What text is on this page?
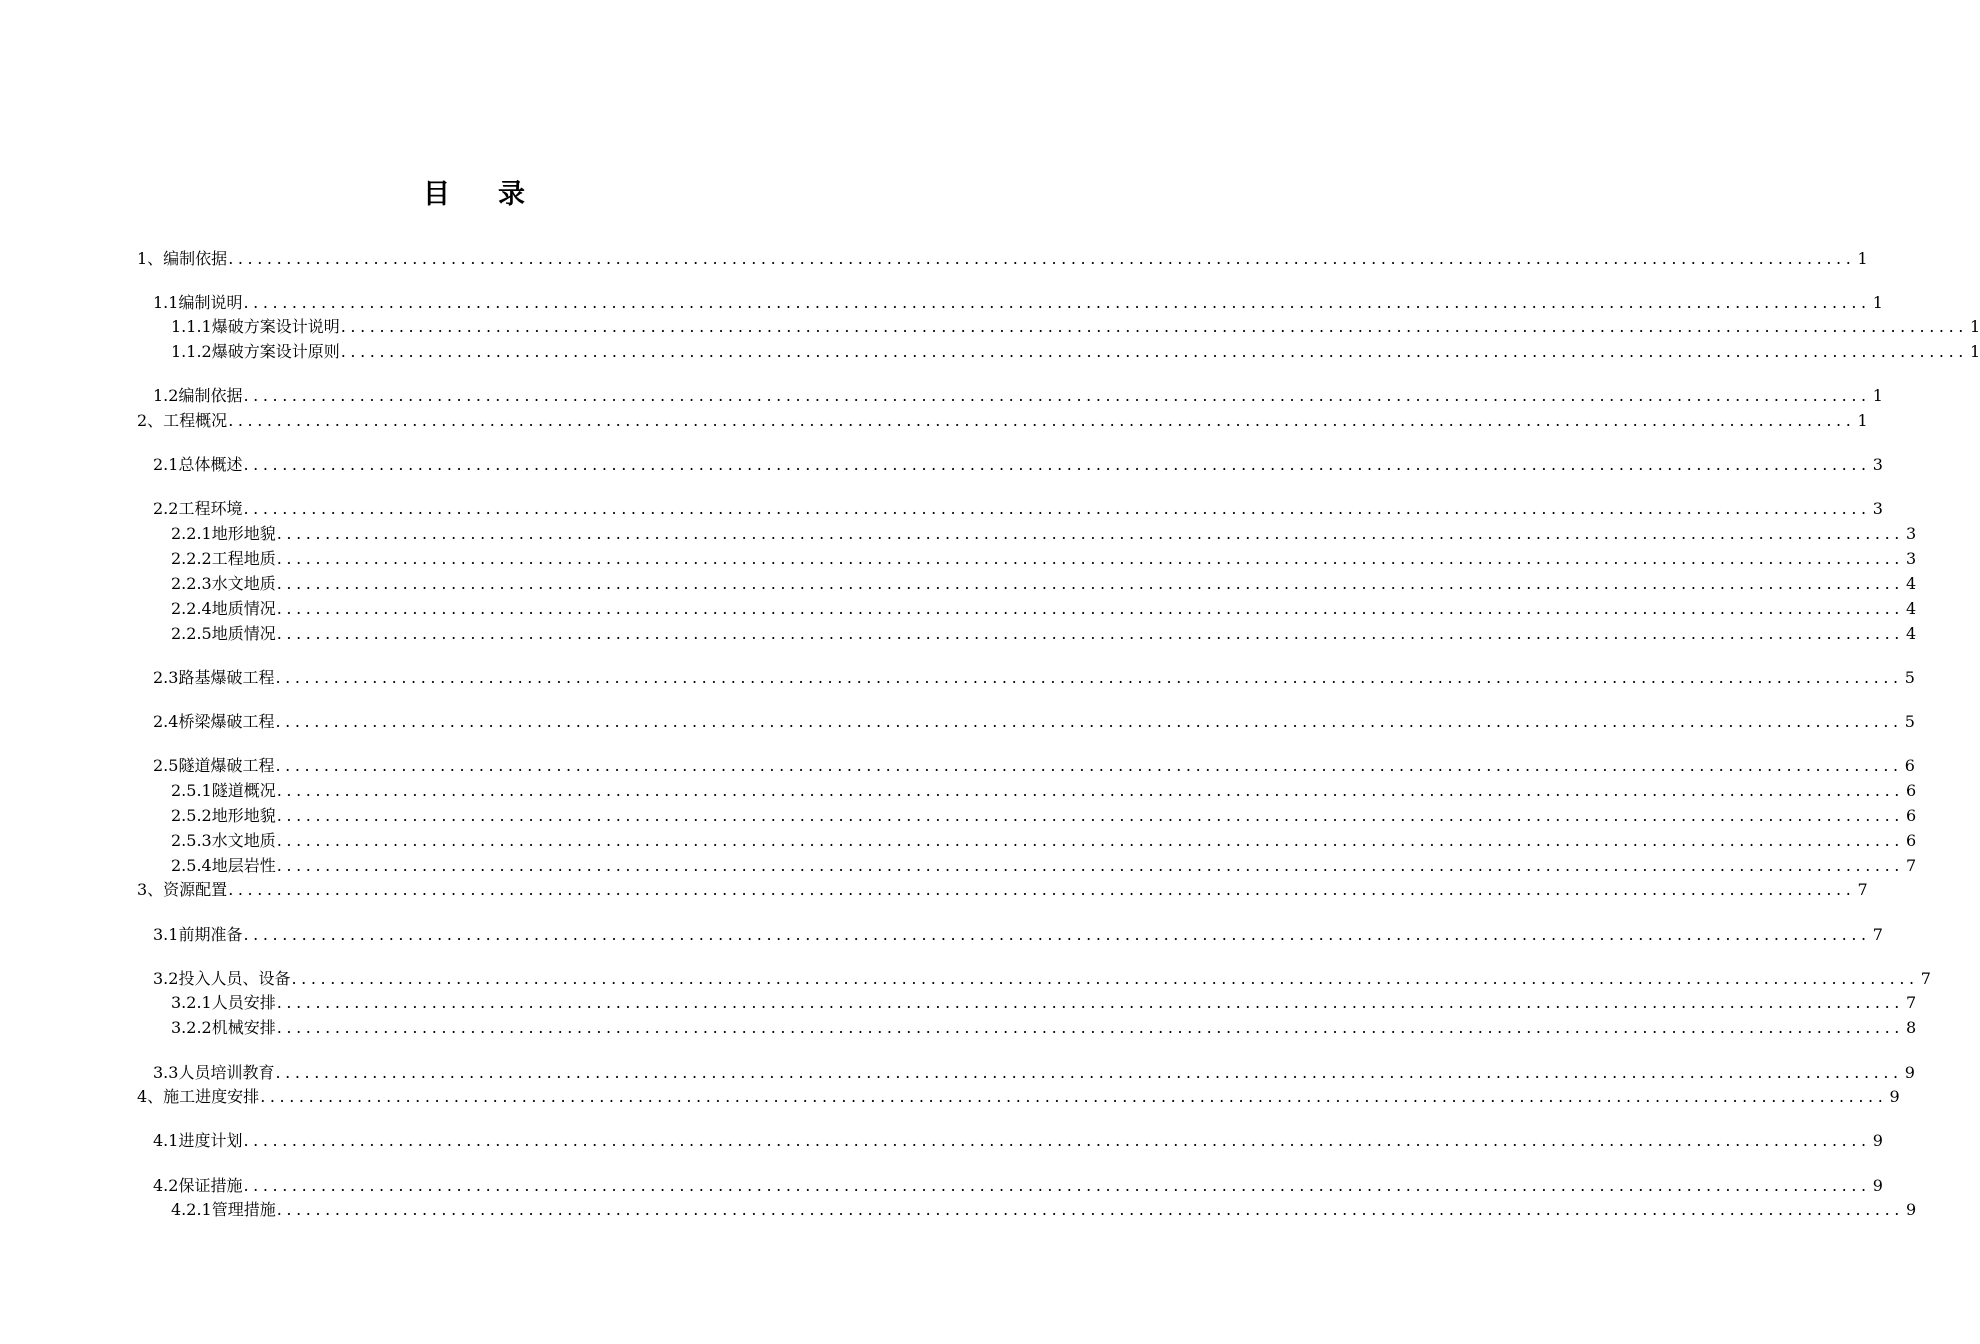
目 录
1、编制依据 ........................................................................................................................................................................ 1
1.1编制说明 ........................................................................................................................................................................ 1
1.1.1爆破方案设计说明 ........................................................................................................................................................................ 1
1.1.2爆破方案设计原则 ........................................................................................................................................................................ 1
1.2编制依据 ........................................................................................................................................................................ 1
2、工程概况 ........................................................................................................................................................................ 1
2.1总体概述 ........................................................................................................................................................................ 3
2.2工程环境 ........................................................................................................................................................................ 3
2.2.1地形地貌 ........................................................................................................................................................................ 3
2.2.2工程地质 ........................................................................................................................................................................ 3
2.2.3水文地质 ........................................................................................................................................................................ 4
2.2.4地质情况 ........................................................................................................................................................................ 4
2.2.5地质情况 ........................................................................................................................................................................ 4
2.3路基爆破工程 ........................................................................................................................................................................ 5
2.4桥梁爆破工程 ........................................................................................................................................................................ 5
2.5隧道爆破工程 ........................................................................................................................................................................ 6
2.5.1隧道概况 ........................................................................................................................................................................ 6
2.5.2地形地貌 ........................................................................................................................................................................ 6
2.5.3水文地质 ........................................................................................................................................................................ 6
2.5.4地层岩性 ........................................................................................................................................................................ 7
3、资源配置 ........................................................................................................................................................................ 7
3.1前期准备 ........................................................................................................................................................................ 7
3.2投入人员、设备 ........................................................................................................................................................................ 7
3.2.1人员安排 ........................................................................................................................................................................ 7
3.2.2机械安排 ........................................................................................................................................................................ 8
3.3人员培训教育 ........................................................................................................................................................................ 9
4、施工进度安排 ........................................................................................................................................................................ 9
4.1进度计划 ........................................................................................................................................................................ 9
4.2保证措施 ........................................................................................................................................................................ 9
4.2.1管理措施 ........................................................................................................................................................................ 9
